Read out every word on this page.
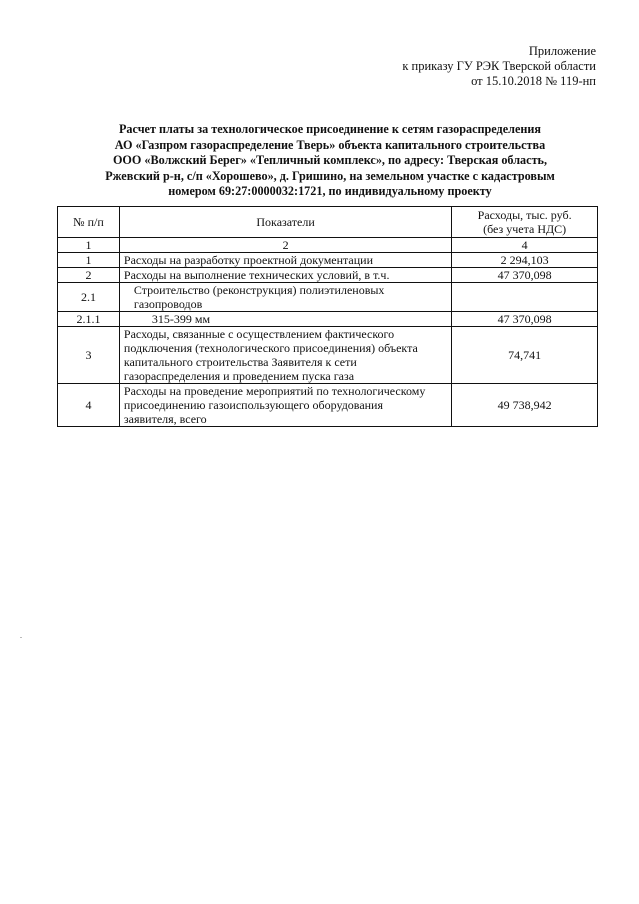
Приложение
к приказу ГУ РЭК Тверской области
от 15.10.2018 № 119-нп
Расчет платы за технологическое присоединение к сетям газораспределения
АО «Газпром газораспределение Тверь» объекта капитального строительства
ООО «Волжский Берег» «Тепличный комплекс», по адресу: Тверская область,
Ржевский р-н, с/п «Хорошево», д. Гришино, на земельном участке с кадастровым
номером 69:27:0000032:1721, по индивидуальному проекту
№ п/п	Показатели	Расходы, тыс. руб.
(без учета НДС)

1	2	4
1	Расходы на разработку проектной документации	2 294,103
2	Расходы на выполнение технических условий, в т.ч.	47 370,098
2.1	Строительство (реконструкция) полиэтиленовых
газопроводов	

2.1.1	315-399 мм	47 370,098
3	Расходы, связанные с осуществлением фактического
подключения (технологического присоединения) объекта
капитального строительства Заявителя к сети
газораспределения и проведением пуска газа	74,741
4	Расходы на проведение мероприятий по технологическому
присоединению газоиспользующего оборудования
заявителя, всего	49 738,942
